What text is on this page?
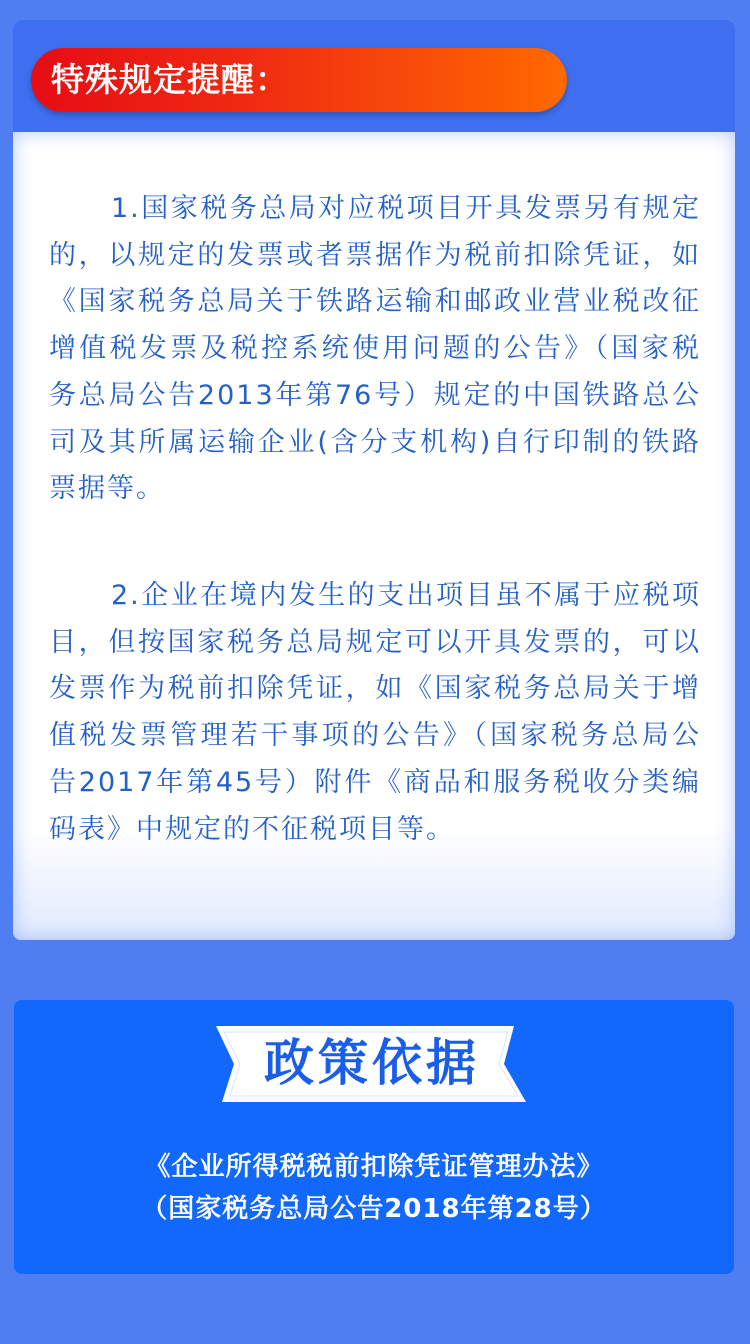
特殊规定提醒：
1.国家税务总局对应税项目开具发票另有规定的，以规定的发票或者票据作为税前扣除凭证，如《国家税务总局关于铁路运输和邮政业营业税改征增值税发票及税控系统使用问题的公告》（国家税务总局公告2013年第76号）规定的中国铁路总公司及其所属运输企业(含分支机构)自行印制的铁路票据等。
2.企业在境内发生的支出项目虽不属于应税项目，但按国家税务总局规定可以开具发票的，可以发票作为税前扣除凭证，如《国家税务总局关于增值税发票管理若干事项的公告》（国家税务总局公告2017年第45号）附件《商品和服务税收分类编码表》中规定的不征税项目等。
政策依据
《企业所得税税前扣除凭证管理办法》
（国家税务总局公告2018年第28号）
